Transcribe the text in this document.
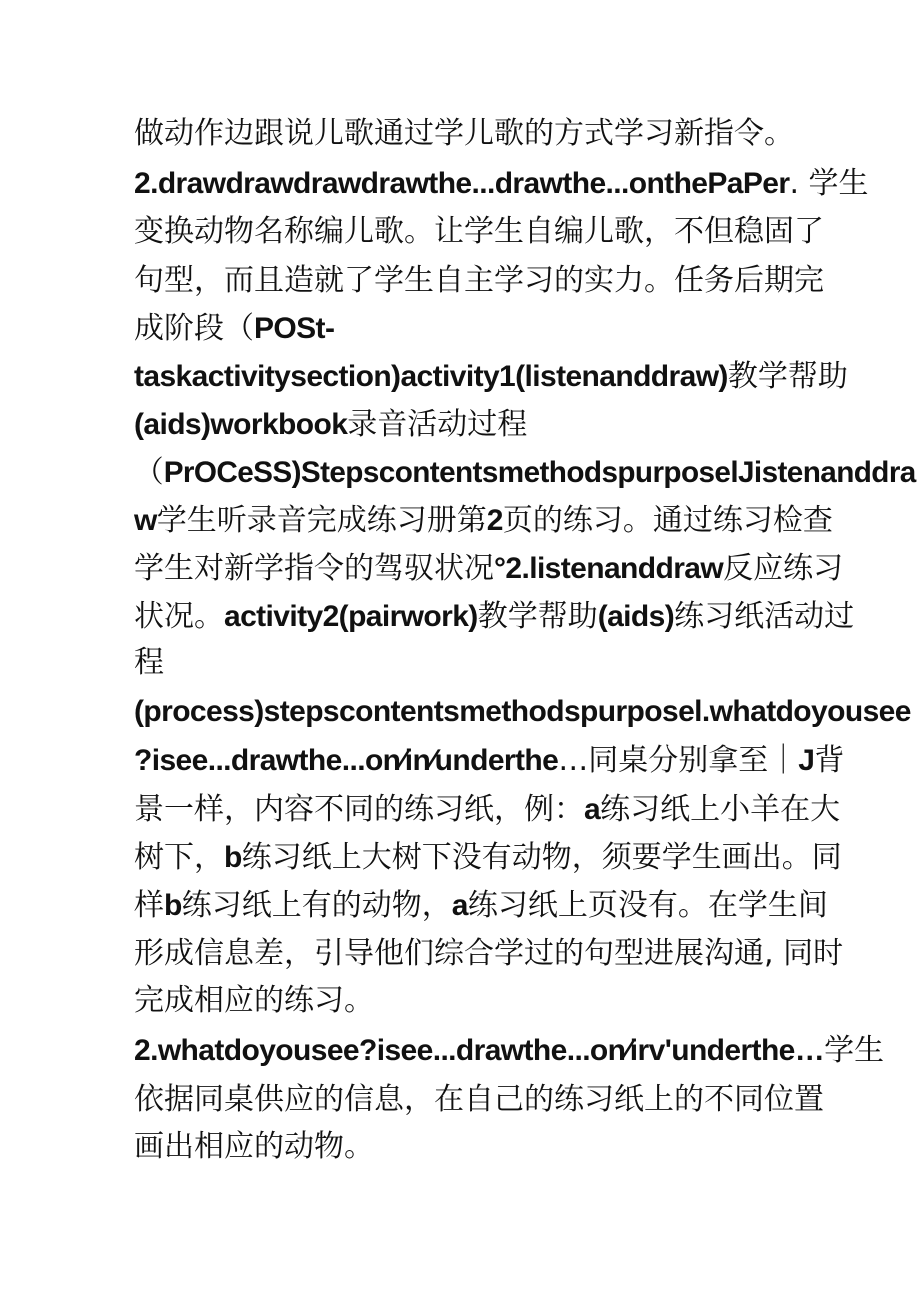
做动作边跟说儿歌通过学儿歌的方式学习新指令。
2.drawdrawdrawdrawthe...drawthe...onthePaPer. 学生
变换动物名称编儿歌。让学生自编儿歌，不但稳固了
句型，而且造就了学生自主学习的实力。任务后期完
成阶段（POSt-
taskactivitysection)activity1(listenanddraw)教学帮助
(aids)workbook录音活动过程
（PrOCeSS)StepscontentsmethodspurposelJistenanddra
w学生听录音完成练习册第2页的练习。通过练习检查
学生对新学指令的驾驭状况°2.listenanddraw反应练习
状况。activity2(pairwork)教学帮助(aids)练习纸活动过
程
(process)stepscontentsmethodspurposel.whatdoyousee
?isee...drawthe...on∕in∕underthe…同桌分别拿至｜J背
景一样，内容不同的练习纸，例：a练习纸上小羊在大
树下，b练习纸上大树下没有动物，须要学生画出。同
样b练习纸上有的动物，a练习纸上页没有。在学生间
形成信息差，引导他们综合学过的句型进展沟通, 同时
完成相应的练习。
2.whatdoyousee?isee...drawthe...on∕irv'underthe…学生
依据同桌供应的信息，在自己的练习纸上的不同位置
画出相应的动物。
